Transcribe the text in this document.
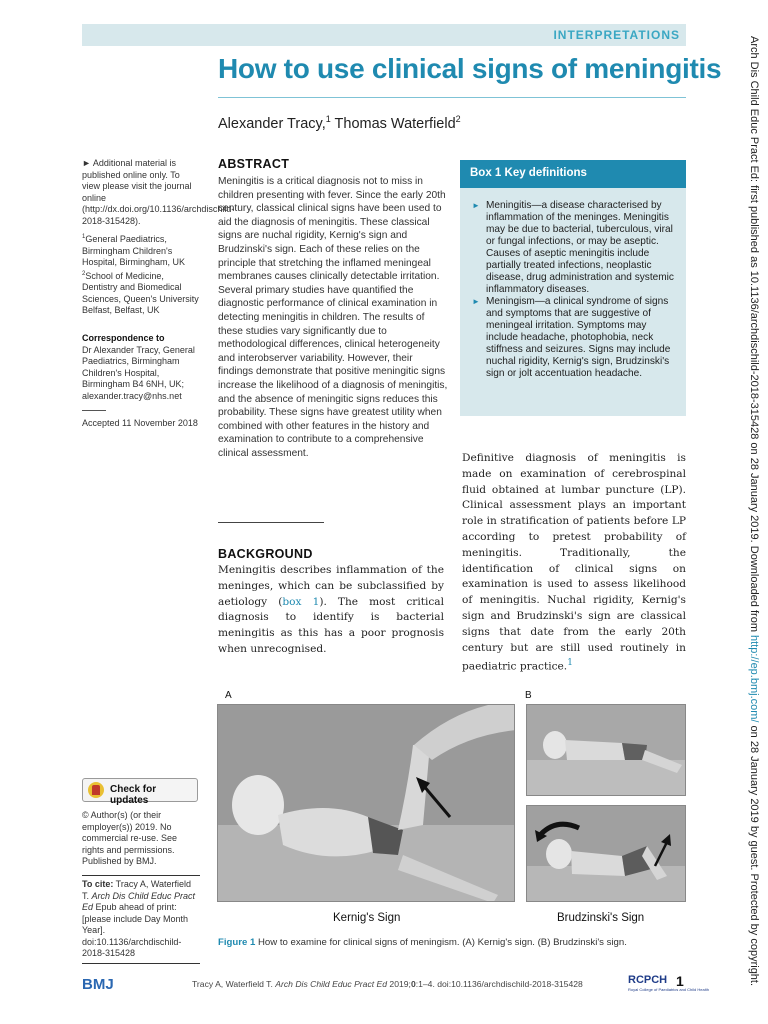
INTERPRETATIONS
How to use clinical signs of meningitis
Alexander Tracy,$^1$ Thomas Waterfield$^2$
► Additional material is published online only. To view please visit the journal online (http://dx.doi.org/10.1136/archdischild-2018-315428).
$^1$General Paediatrics, Birmingham Children's Hospital, Birmingham, UK
$^2$School of Medicine, Dentistry and Biomedical Sciences, Queen's University Belfast, Belfast, UK
Correspondence to
Dr Alexander Tracy, General Paediatrics, Birmingham Children's Hospital, Birmingham B4 6NH, UK; alexander.tracy@nhs.net
Accepted 11 November 2018
Check for updates
© Author(s) (or their employer(s)) 2019. No commercial re-use. See rights and permissions. Published by BMJ.
To cite: Tracy A, Waterfield T. Arch Dis Child Educ Pract Ed Epub ahead of print: [please include Day Month Year]. doi:10.1136/archdischild-2018-315428
ABSTRACT

Meningitis is a critical diagnosis not to miss in children presenting with fever. Since the early 20th century, classical clinical signs have been used to aid the diagnosis of meningitis. These classical signs are nuchal rigidity, Kernig's sign and Brudzinski's sign. Each of these relies on the principle that stretching the inflamed meningeal membranes causes clinically detectable irritation. Several primary studies have quantified the diagnostic performance of clinical examination in detecting meningitis in children. The results of these studies vary significantly due to methodological differences, clinical heterogeneity and interobserver variability. However, their findings demonstrate that positive meningitic signs increase the likelihood of a diagnosis of meningitis, and the absence of meningitic signs reduces this probability. These signs have greatest utility when combined with other features in the history and examination to contribute to a comprehensive clinical assessment.

BACKGROUND

Meningitis describes inflammation of the meninges, which can be subclassified by aetiology (box 1). The most critical diagnosis to identify is bacterial meningitis as this has a poor prognosis when unrecognised.

Box 1 Key definitions
► Meningitis—a disease characterised by inflammation of the meninges. Meningitis may be due to bacterial, tuberculous, viral or fungal infections, or may be aseptic. Causes of aseptic meningitis include partially treated infections, neoplastic disease, drug administration and systemic inflammatory diseases.
► Meningism—a clinical syndrome of signs and symptoms that are suggestive of meningeal irritation. Symptoms may include headache, photophobia, neck stiffness and seizures. Signs may include nuchal rigidity, Kernig's sign, Brudzinski's sign or jolt accentuation headache.

Definitive diagnosis of meningitis is made on examination of cerebrospinal fluid obtained at lumbar puncture (LP). Clinical assessment plays an important role in stratification of patients before LP according to pretest probability of meningitis. Traditionally, the identification of clinical signs on examination is used to assess likelihood of meningitis. Nuchal rigidity, Kernig's sign and Brudzinski's sign are classical signs that date from the early 20th century but are still used routinely in paediatric practice.$^1$

A	B
Kernig's Sign	Brudzinski's Sign
Figure 1 How to examine for clinical signs of meningism. (A) Kernig's sign. (B) Brudzinski's sign.
BMJ	Tracy A, Waterfield T. Arch Dis Child Educ Pract Ed 2019;0:1–4. doi:10.1136/archdischild-2018-315428	RCPCH
Royal College of Paediatrics and Child Health
1
Arch Dis Child Educ Pract Ed: first published as 10.1136/archdischild-2018-315428 on 28 January 2019. Downloaded from http://ep.bmj.com/ on 28 January 2019 by guest. Protected by copyright.
